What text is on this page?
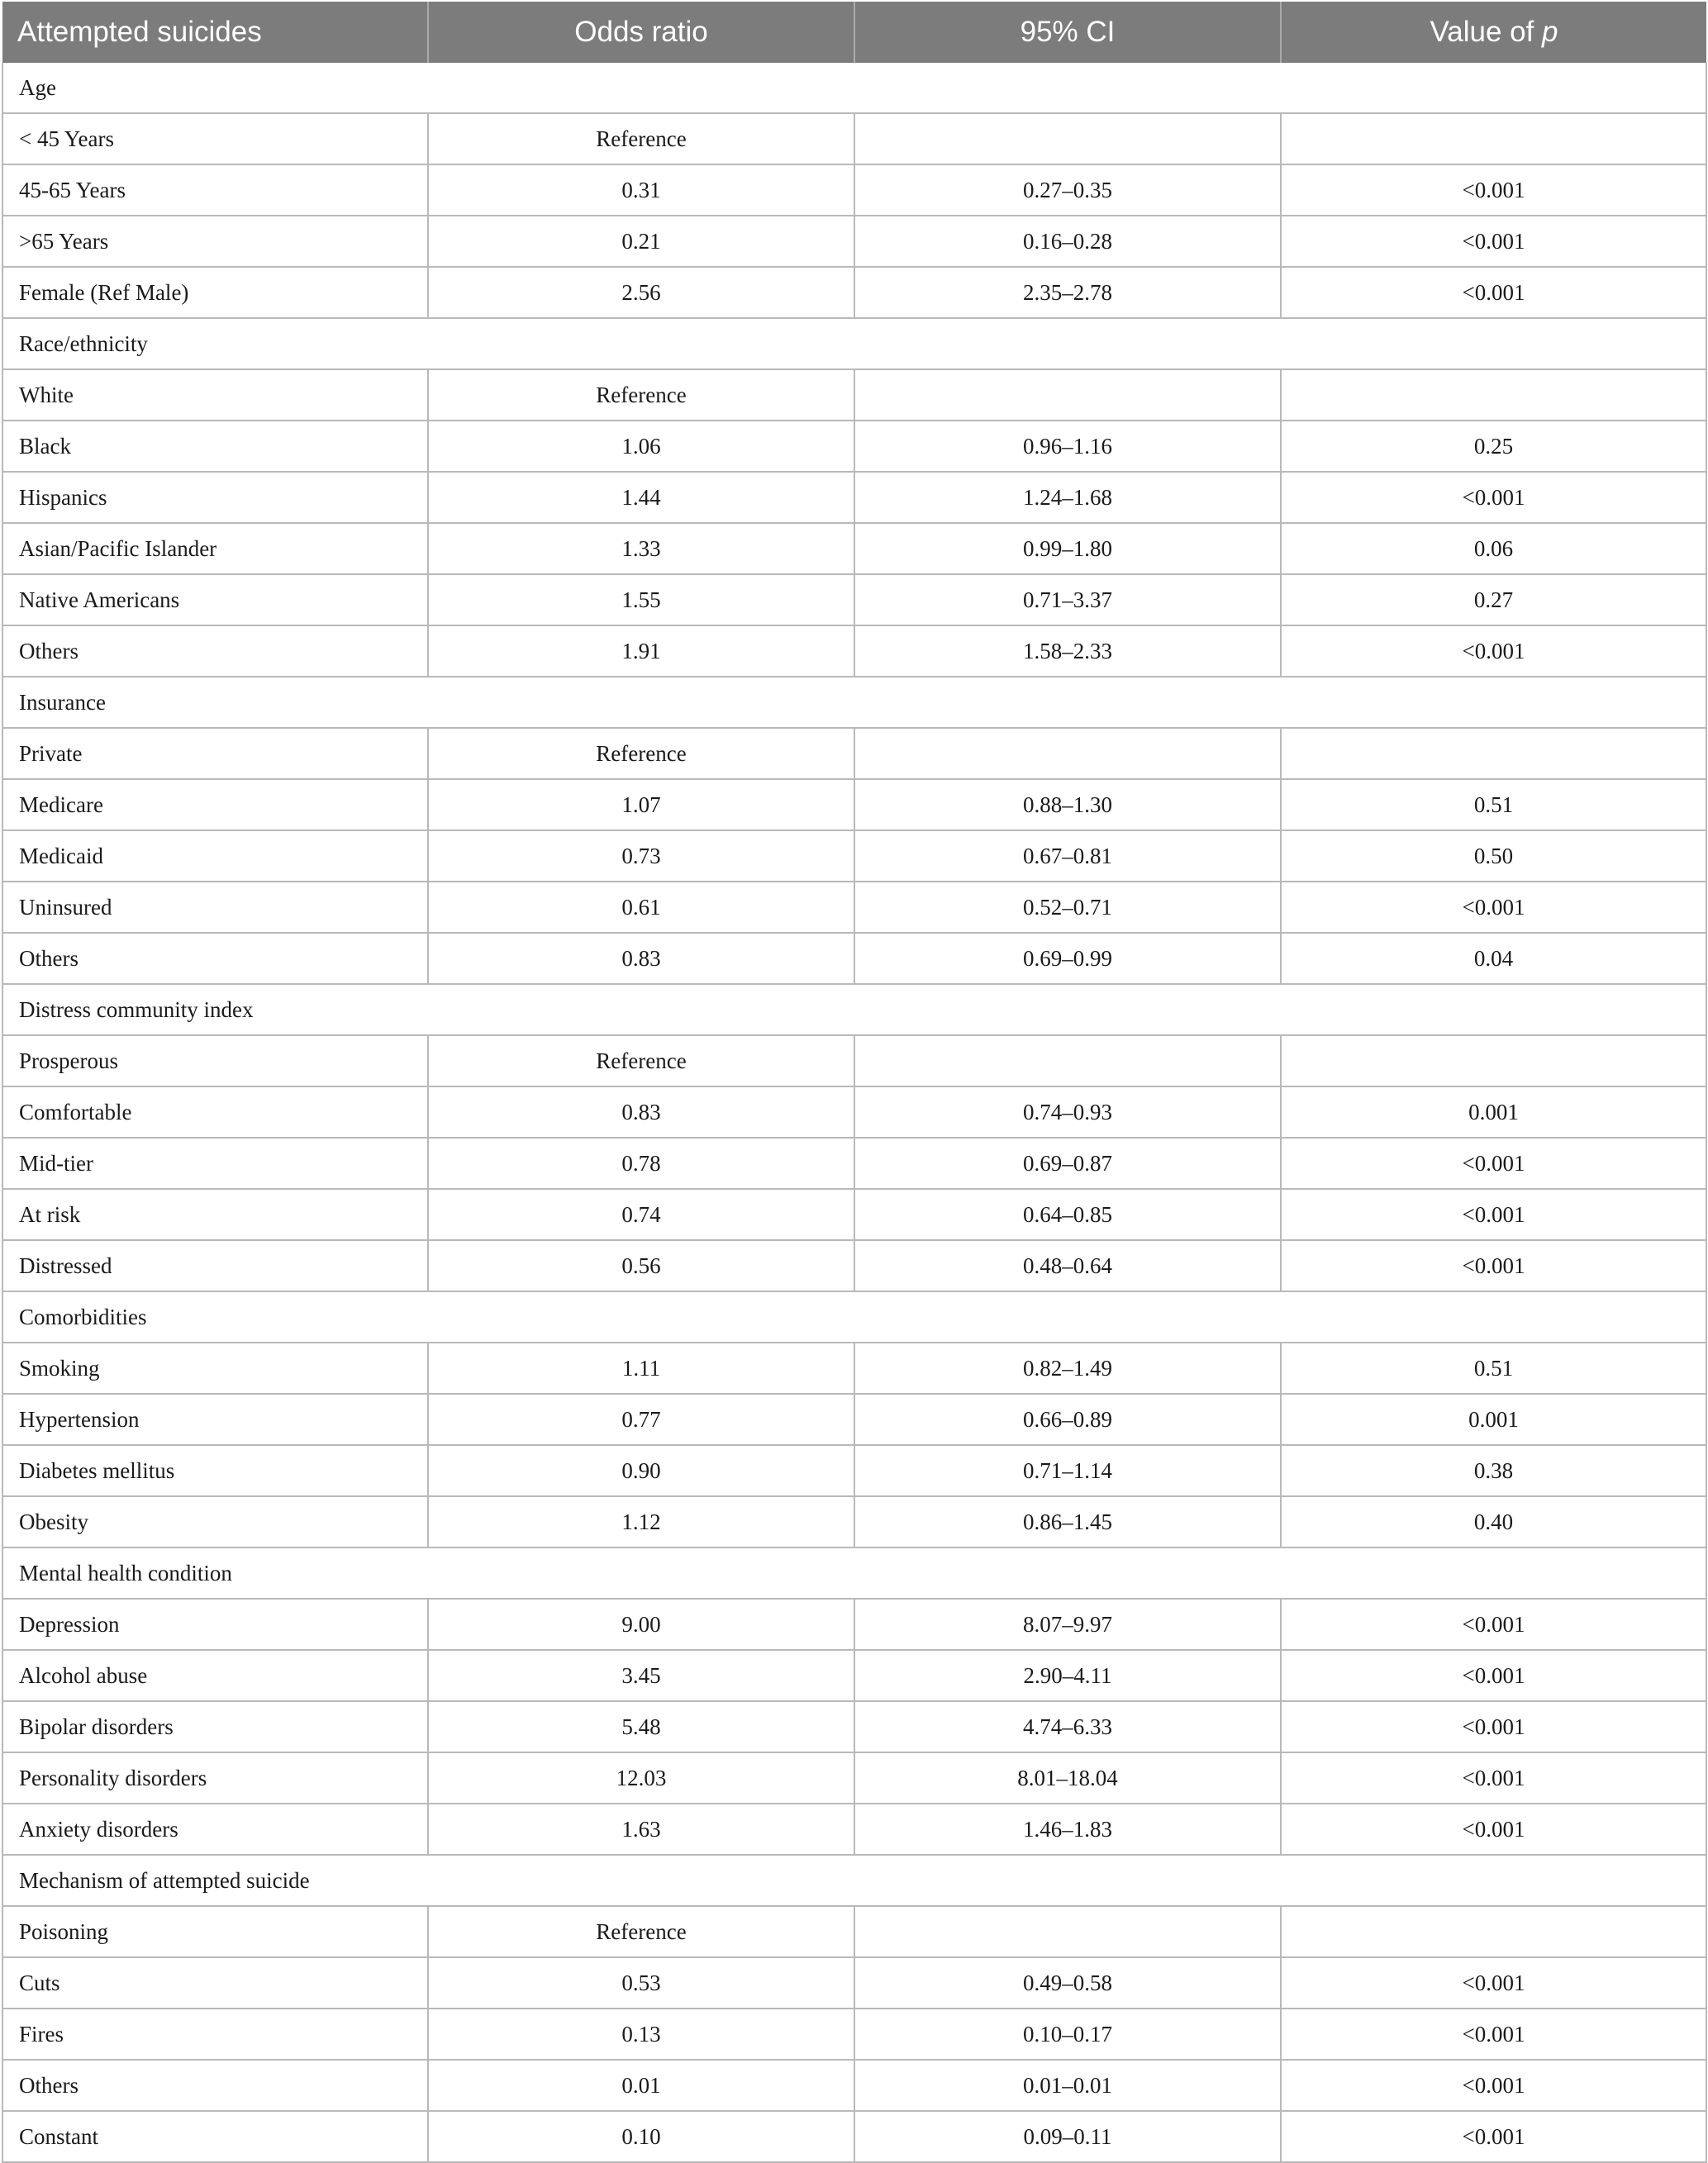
Attempted suicides	Odds ratio	95% CI	Value of p
Age			
< 45 Years	Reference		
45-65 Years	0.31	0.27–0.35	<0.001
>65 Years	0.21	0.16–0.28	<0.001
Female (Ref Male)	2.56	2.35–2.78	<0.001
Race/ethnicity			
White	Reference		
Black	1.06	0.96–1.16	0.25
Hispanics	1.44	1.24–1.68	<0.001
Asian/Pacific Islander	1.33	0.99–1.80	0.06
Native Americans	1.55	0.71–3.37	0.27
Others	1.91	1.58–2.33	<0.001
Insurance			
Private	Reference		
Medicare	1.07	0.88–1.30	0.51
Medicaid	0.73	0.67–0.81	0.50
Uninsured	0.61	0.52–0.71	<0.001
Others	0.83	0.69–0.99	0.04
Distress community index			
Prosperous	Reference		
Comfortable	0.83	0.74–0.93	0.001
Mid-tier	0.78	0.69–0.87	<0.001
At risk	0.74	0.64–0.85	<0.001
Distressed	0.56	0.48–0.64	<0.001
Comorbidities			
Smoking	1.11	0.82–1.49	0.51
Hypertension	0.77	0.66–0.89	0.001
Diabetes mellitus	0.90	0.71–1.14	0.38
Obesity	1.12	0.86–1.45	0.40
Mental health condition			
Depression	9.00	8.07–9.97	<0.001
Alcohol abuse	3.45	2.90–4.11	<0.001
Bipolar disorders	5.48	4.74–6.33	<0.001
Personality disorders	12.03	8.01–18.04	<0.001
Anxiety disorders	1.63	1.46–1.83	<0.001
Mechanism of attempted suicide			
Poisoning	Reference		
Cuts	0.53	0.49–0.58	<0.001
Fires	0.13	0.10–0.17	<0.001
Others	0.01	0.01–0.01	<0.001
Constant	0.10	0.09–0.11	<0.001
